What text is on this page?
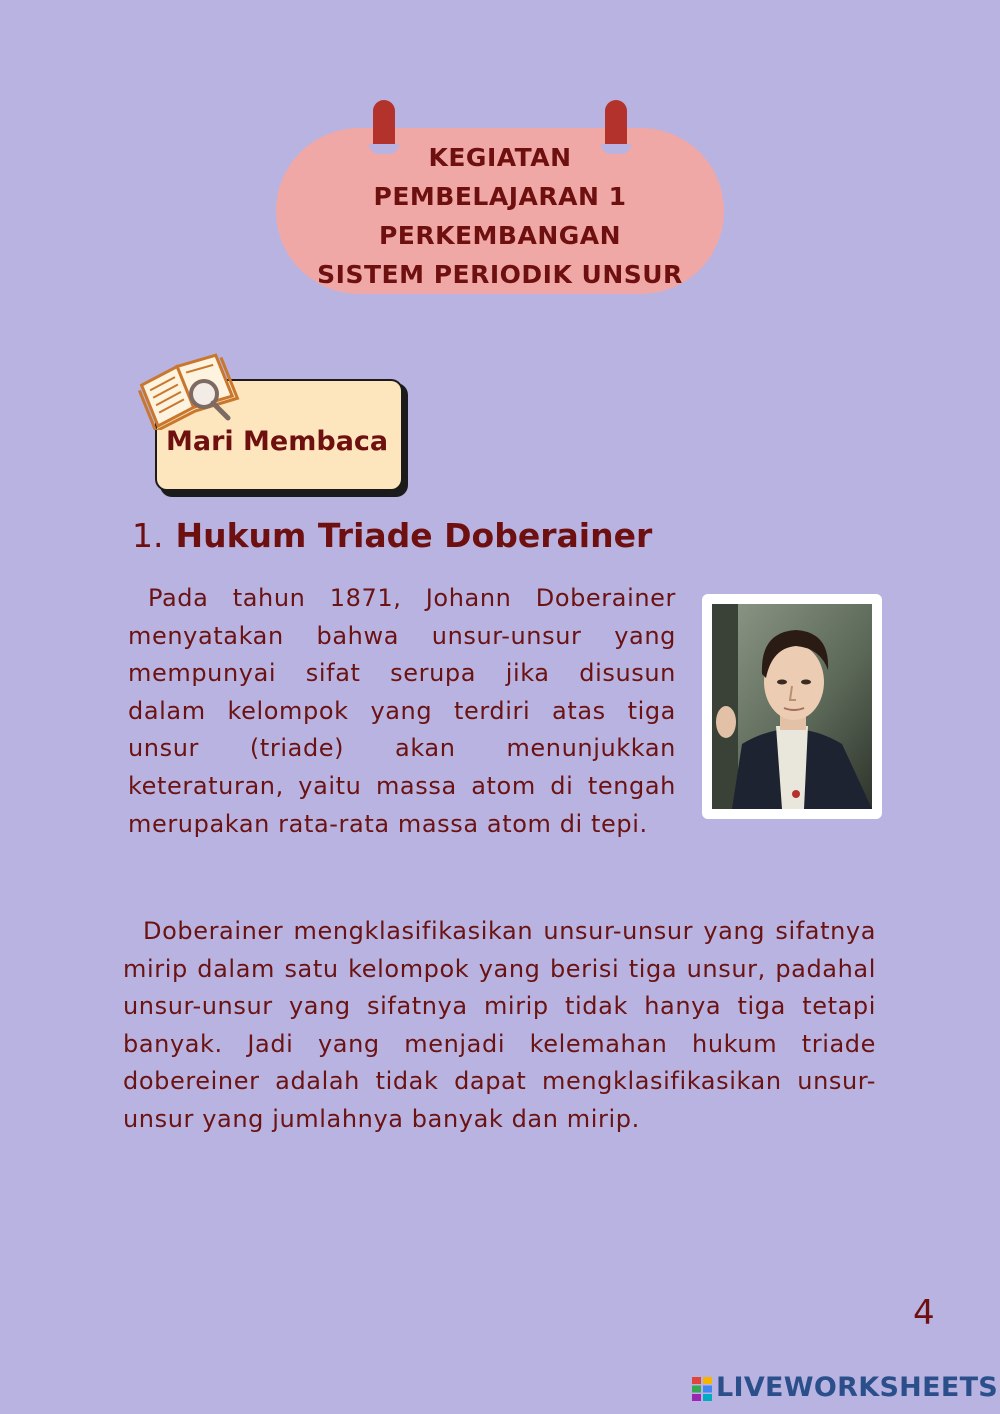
KEGIATAN
PEMBELAJARAN 1
PERKEMBANGAN
SISTEM PERIODIK UNSUR
Mari Membaca
1. Hukum Triade Doberainer
Pada tahun 1871, Johann Doberainer menyatakan bahwa unsur-unsur yang mempunyai sifat serupa jika disusun dalam kelompok yang terdiri atas tiga unsur (triade) akan menunjukkan keteraturan, yaitu massa atom di tengah merupakan rata-rata massa atom di tepi.
Doberainer mengklasifikasikan unsur-unsur yang sifatnya mirip dalam satu kelompok yang berisi tiga unsur, padahal unsur-unsur yang sifatnya mirip tidak hanya tiga tetapi banyak. Jadi yang menjadi kelemahan hukum triade dobereiner adalah tidak dapat mengklasifikasikan unsur-unsur yang jumlahnya banyak dan mirip.
4
LIVEWORKSHEETS
